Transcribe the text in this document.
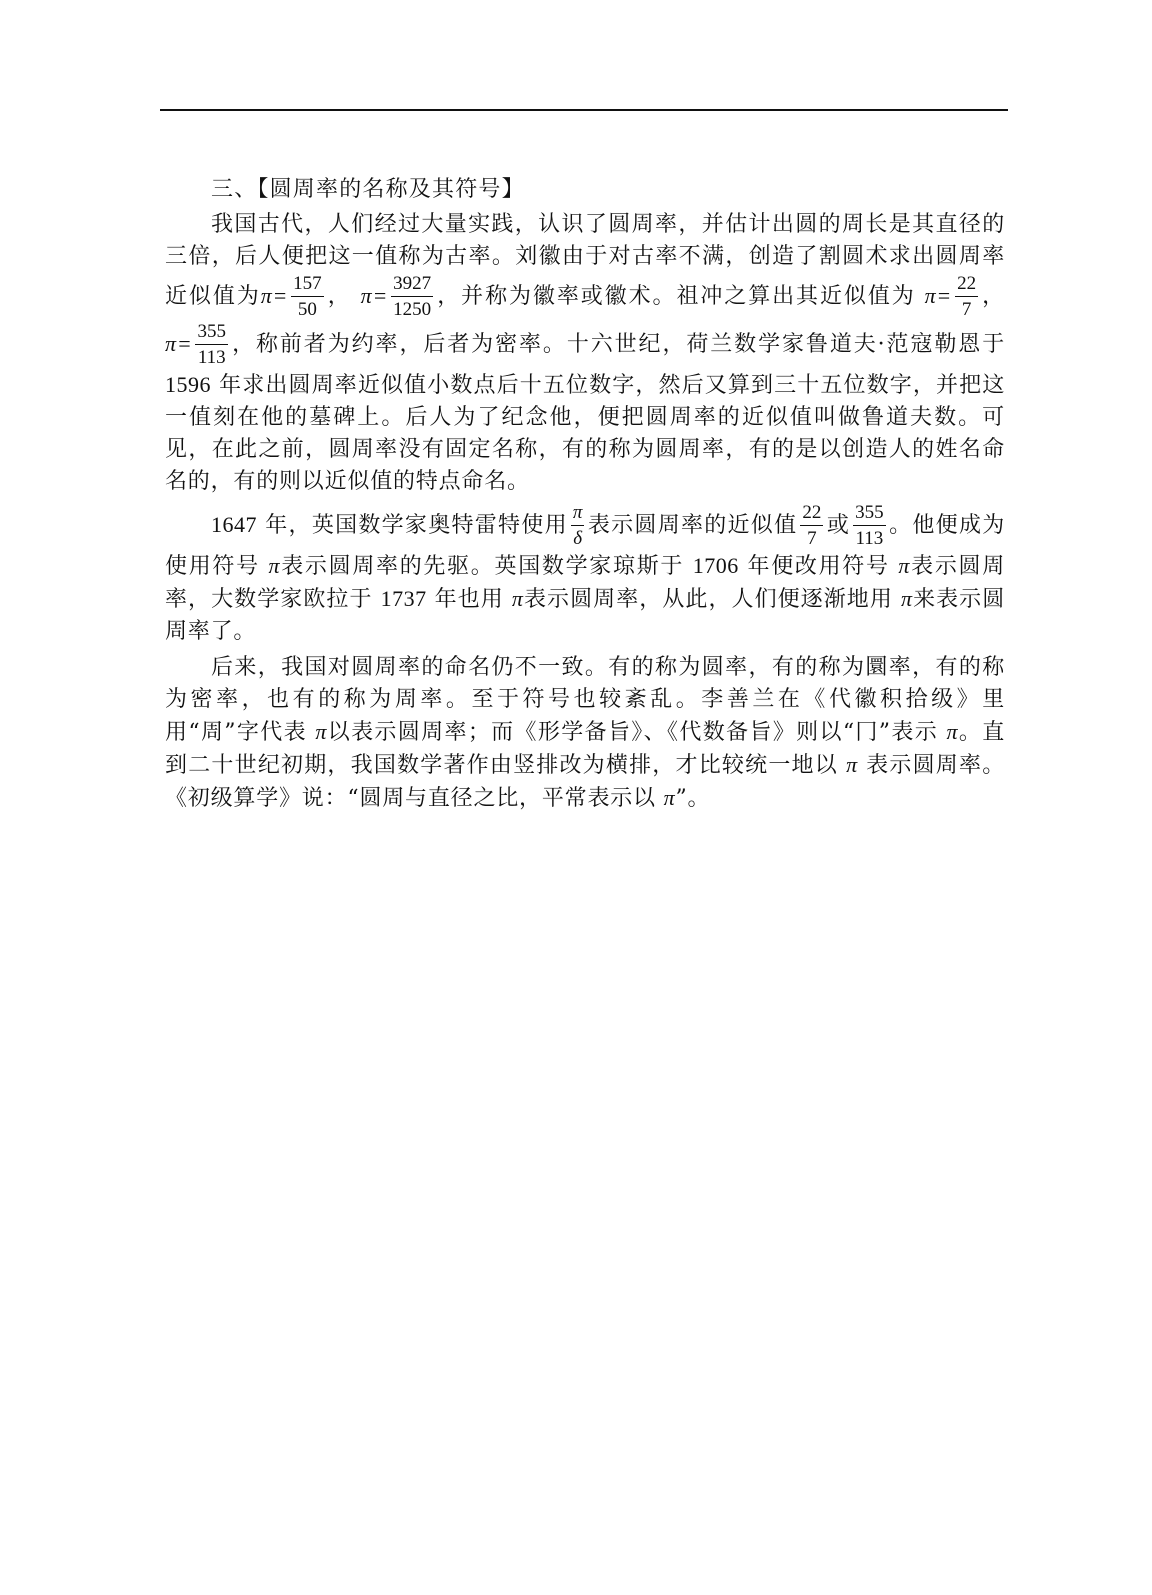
三、【圆周率的名称及其符号】

我国古代，人们经过大量实践，认识了圆周率，并估计出圆的周长是其直径的三倍，后人便把这一值称为古率。刘徽由于对古率不满，创造了割圆术求出圆周率近似值为$\pi= \frac{157}{50}$ ， $\pi= \frac{3927}{1250}$ ，并称为徽率或徽术。祖冲之算出其近似值为 $\pi= \frac{22}{7}$ ， $\pi= \frac{355}{113}$ ，称前者为约率，后者为密率。十六世纪，荷兰数学家鲁道夫·范寇勒恩于 1596 年求出圆周率近似值小数点后十五位数字，然后又算到三十五位数字，并把这一值刻在他的墓碑上。后人为了纪念他，便把圆周率的近似值叫做鲁道夫数。可见，在此之前，圆周率没有固定名称，有的称为圆周率，有的是以创造人的姓名命名的，有的则以近似值的特点命名。

1647 年，英国数学家奥特雷特使用 $\frac{\pi}{\delta}$ 表示圆周率的近似值 $\frac{22}{7}$ 或 $\frac{355}{113}$ 。他便成为使用符号 π表示圆周率的先驱。英国数学家琼斯于 1706 年便改用符号 π表示圆周率，大数学家欧拉于 1737 年也用 π表示圆周率，从此，人们便逐渐地用 π来表示圆周率了。

后来，我国对圆周率的命名仍不一致。有的称为圆率，有的称为圜率，有的称为密率，也有的称为周率。至于符号也较紊乱。李善兰在《代徽积拾级》里用“周”字代表 π以表示圆周率；而《形学备旨》、《代数备旨》则以“冂”表示 π。直到二十世纪初期，我国数学著作由竖排改为横排，才比较统一地以 π 表示圆周率。《初级算学》说：“圆周与直径之比，平常表示以 π”。
